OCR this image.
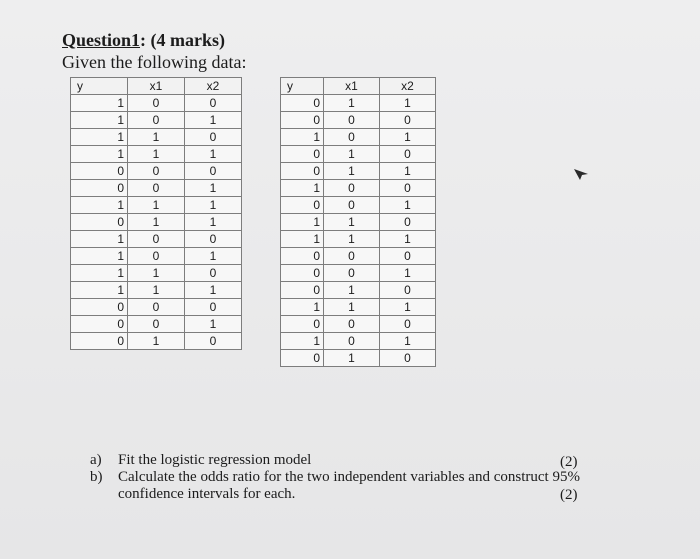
Question1: (4 marks)
Given the following data:
y	x1	x2
1	0	0
1	0	1
1	1	0
1	1	1
0	0	0
0	0	1
1	1	1
0	1	1
1	0	0
1	0	1
1	1	0
1	1	1
0	0	0
0	0	1
0	1	0
y	x1	x2
0	1	1
0	0	0
1	0	1
0	1	0
0	1	1
1	0	0
0	0	1
1	1	0
1	1	1
0	0	0
0	0	1
0	1	0
1	1	1
0	0	0
1	0	1
0	1	0
a)	Fit the logistic regression model	(2)
b)	Calculate the odds ratio for the two independent variables and construct 95%
confidence intervals for each.	(2)
